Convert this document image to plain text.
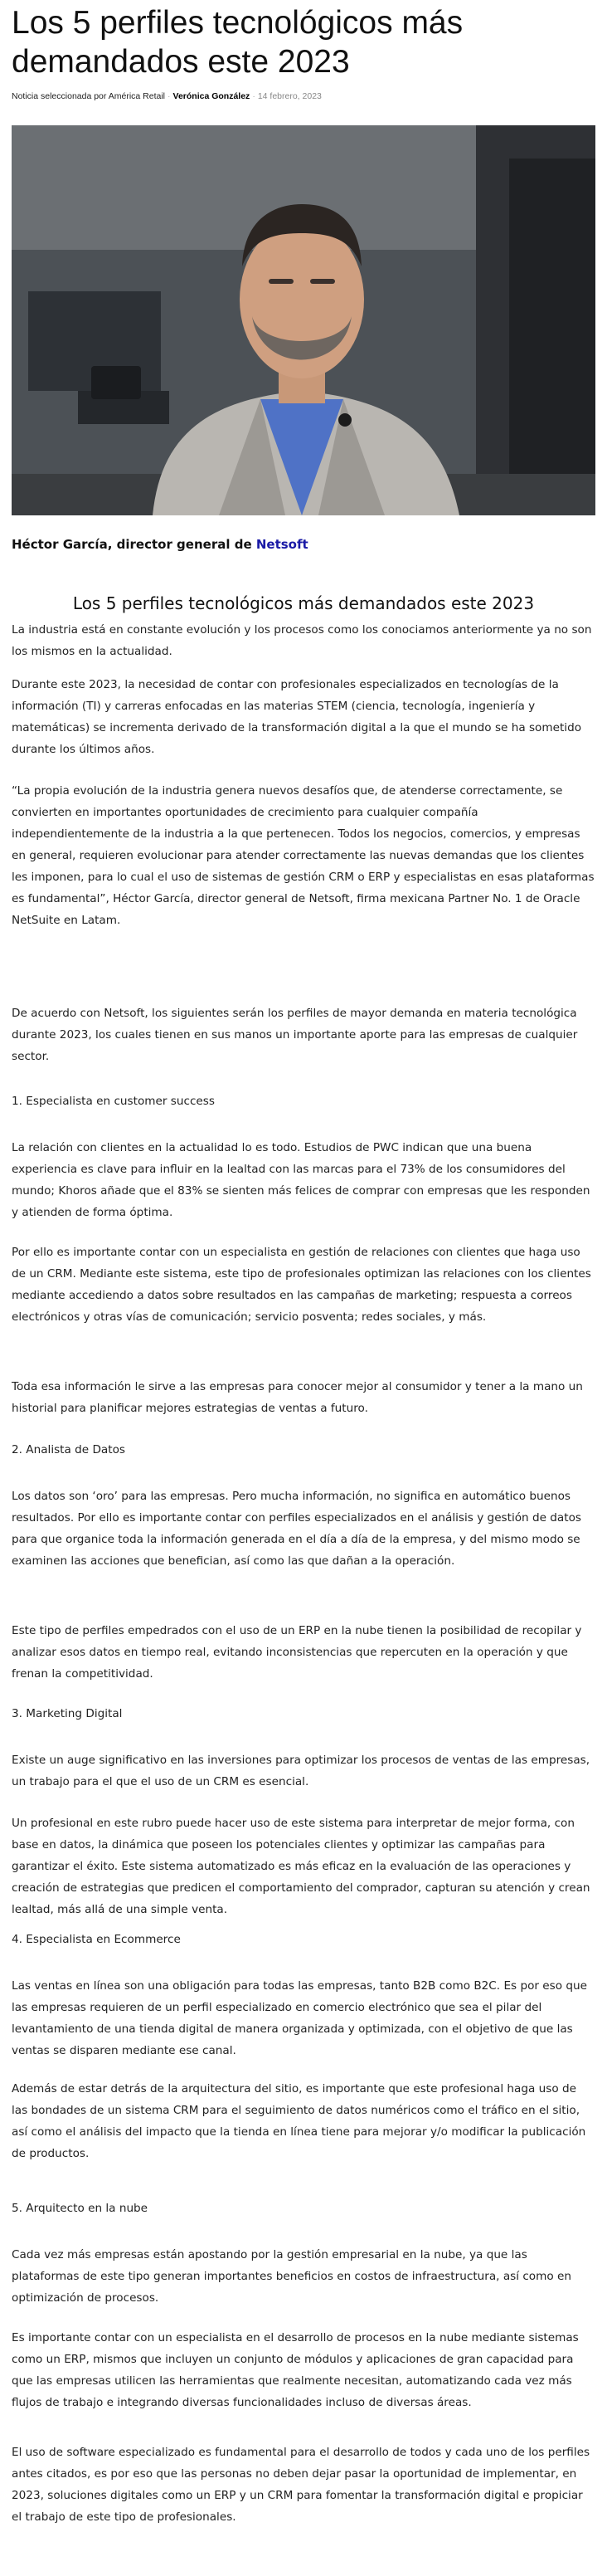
Los 5 perfiles tecnológicos más demandados este 2023
Noticia seleccionada por América Retail · Verónica González · 14 febrero, 2023
Héctor García, director general de Netsoft
Los 5 perfiles tecnológicos más demandados este 2023

La industria está en constante evolución y los procesos como los conociamos anteriormente ya no son los mismos en la actualidad.

Durante este 2023, la necesidad de contar con profesionales especializados en tecnologías de la información (TI) y carreras enfocadas en las materias STEM (ciencia, tecnología, ingeniería y matemáticas) se incrementa derivado de la transformación digital a la que el mundo se ha sometido durante los últimos años.

“La propia evolución de la industria genera nuevos desafíos que, de atenderse correctamente, se convierten en importantes oportunidades de crecimiento para cualquier compañía independientemente de la industria a la que pertenecen. Todos los negocios, comercios, y empresas en general, requieren evolucionar para atender correctamente las nuevas demandas que los clientes les imponen, para lo cual el uso de sistemas de gestión CRM o ERP y especialistas en esas plataformas es fundamental”, Héctor García, director general de Netsoft, firma mexicana Partner No. 1 de Oracle NetSuite en Latam.

De acuerdo con Netsoft, los siguientes serán los perfiles de mayor demanda en materia tecnológica durante 2023, los cuales tienen en sus manos un importante aporte para las empresas de cualquier sector.

1. Especialista en customer success

La relación con clientes en la actualidad lo es todo. Estudios de PWC indican que una buena experiencia es clave para influir en la lealtad con las marcas para el 73% de los consumidores del mundo; Khoros añade que el 83% se sienten más felices de comprar con empresas que les responden y atienden de forma óptima.

Por ello es importante contar con un especialista en gestión de relaciones con clientes que haga uso de un CRM. Mediante este sistema, este tipo de profesionales optimizan las relaciones con los clientes mediante accediendo a datos sobre resultados en las campañas de marketing; respuesta a correos electrónicos y otras vías de comunicación; servicio posventa; redes sociales, y más.

Toda esa información le sirve a las empresas para conocer mejor al consumidor y tener a la mano un historial para planificar mejores estrategias de ventas a futuro.

2. Analista de Datos

Los datos son ‘oro’ para las empresas. Pero mucha información, no significa en automático buenos resultados. Por ello es importante contar con perfiles especializados en el análisis y gestión de datos para que organice toda la información generada en el día a día de la empresa, y del mismo modo se examinen las acciones que benefician, así como las que dañan a la operación.

Este tipo de perfiles empedrados con el uso de un ERP en la nube tienen la posibilidad de recopilar y analizar esos datos en tiempo real, evitando inconsistencias que repercuten en la operación y que frenan la competitividad.

3. Marketing Digital

Existe un auge significativo en las inversiones para optimizar los procesos de ventas de las empresas, un trabajo para el que el uso de un CRM es esencial.

Un profesional en este rubro puede hacer uso de este sistema para interpretar de mejor forma, con base en datos, la dinámica que poseen los potenciales clientes y optimizar las campañas para garantizar el éxito. Este sistema automatizado es más eficaz en la evaluación de las operaciones y creación de estrategias que predicen el comportamiento del comprador, capturan su atención y crean lealtad, más allá de una simple venta.

4. Especialista en Ecommerce

Las ventas en línea son una obligación para todas las empresas, tanto B2B como B2C. Es por eso que las empresas requieren de un perfil especializado en comercio electrónico que sea el pilar del levantamiento de una tienda digital de manera organizada y optimizada, con el objetivo de que las ventas se disparen mediante ese canal.

Además de estar detrás de la arquitectura del sitio, es importante que este profesional haga uso de las bondades de un sistema CRM para el seguimiento de datos numéricos como el tráfico en el sitio, así como el análisis del impacto que la tienda en línea tiene para mejorar y/o modificar la publicación de productos.

5. Arquitecto en la nube

Cada vez más empresas están apostando por la gestión empresarial en la nube, ya que las plataformas de este tipo generan importantes beneficios en costos de infraestructura, así como en optimización de procesos.

Es importante contar con un especialista en el desarrollo de procesos en la nube mediante sistemas como un ERP, mismos que incluyen un conjunto de módulos y aplicaciones de gran capacidad para que las empresas utilicen las herramientas que realmente necesitan, automatizando cada vez más flujos de trabajo e integrando diversas funcionalidades incluso de diversas áreas.

El uso de software especializado es fundamental para el desarrollo de todos y cada uno de los perfiles antes citados, es por eso que las personas no deben dejar pasar la oportunidad de implementar, en 2023, soluciones digitales como un ERP y un CRM para fomentar la transformación digital e propiciar el trabajo de este tipo de profesionales.
